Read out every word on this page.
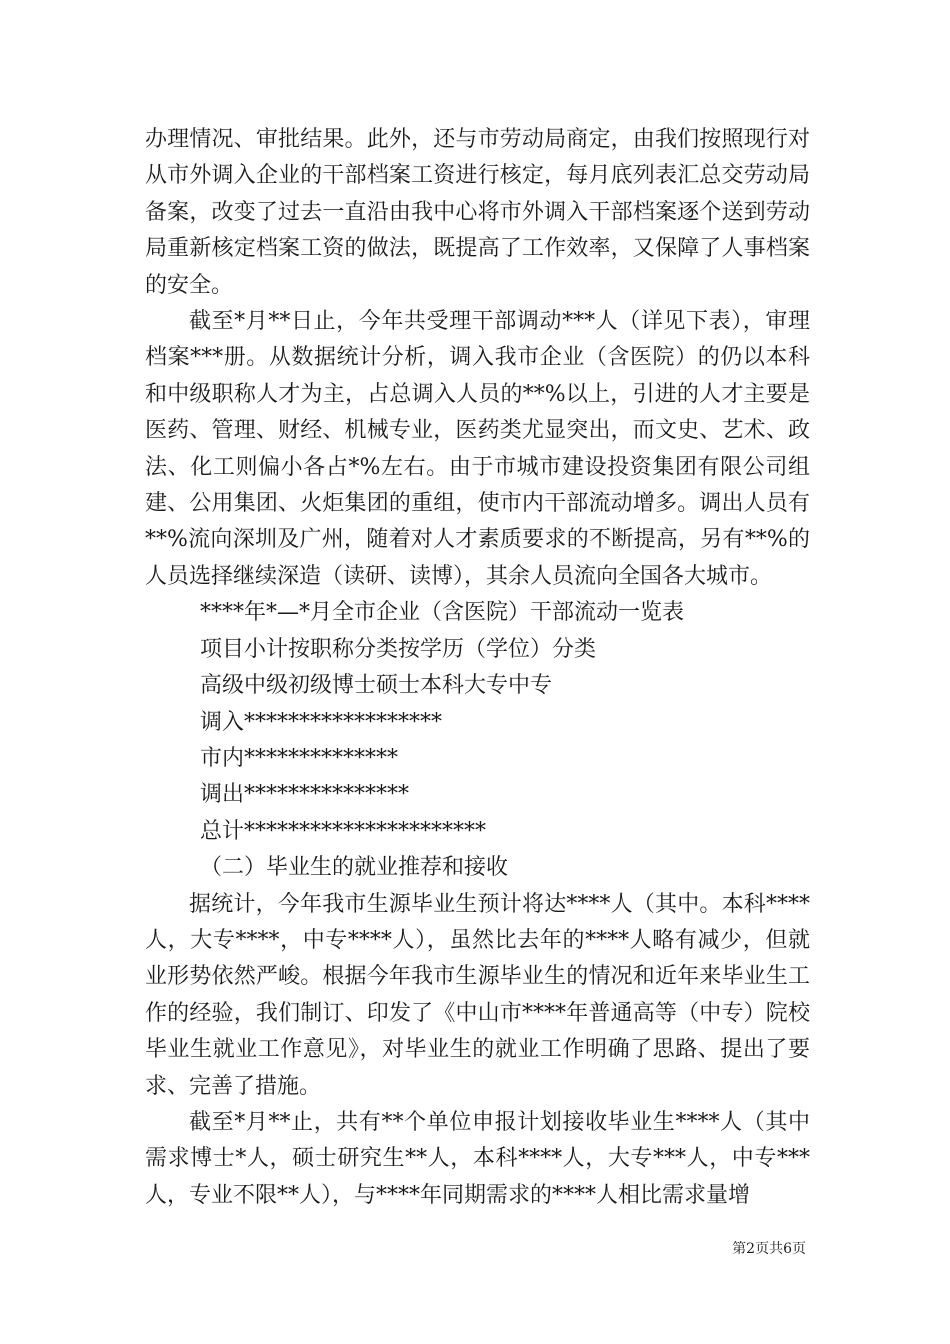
办理情况、审批结果。此外，还与市劳动局商定，由我们按照现行对从市外调入企业的干部档案工资进行核定，每月底列表汇总交劳动局备案，改变了过去一直沿由我中心将市外调入干部档案逐个送到劳动局重新核定档案工资的做法，既提高了工作效率，又保障了人事档案的安全。

截至*月**日止，今年共受理干部调动***人（详见下表），审理档案***册。从数据统计分析，调入我市企业（含医院）的仍以本科和中级职称人才为主，占总调入人员的**%以上，引进的人才主要是医药、管理、财经、机械专业，医药类尤显突出，而文史、艺术、政法、化工则偏小各占*%左右。由于市城市建设投资集团有限公司组建、公用集团、火炬集团的重组，使市内干部流动增多。调出人员有**%流向深圳及广州，随着对人才素质要求的不断提高，另有**%的人员选择继续深造（读研、读博），其余人员流向全国各大城市。

****年*—*月全市企业（含医院）干部流动一览表

项目小计按职称分类按学历（学位）分类

高级中级初级博士硕士本科大专中专

调入******************

市内**************

调出***************

总计**********************

（二）毕业生的就业推荐和接收

据统计，今年我市生源毕业生预计将达****人（其中。本科****人，大专****，中专****人），虽然比去年的****人略有减少，但就业形势依然严峻。根据今年我市生源毕业生的情况和近年来毕业生工作的经验，我们制订、印发了《中山市****年普通高等（中专）院校毕业生就业工作意见》，对毕业生的就业工作明确了思路、提出了要求、完善了措施。

截至*月**止，共有**个单位申报计划接收毕业生****人（其中需求博士*人，硕士研究生**人，本科****人，大专***人，中专***人，专业不限**人），与****年同期需求的****人相比需求量增

第2页共6页
